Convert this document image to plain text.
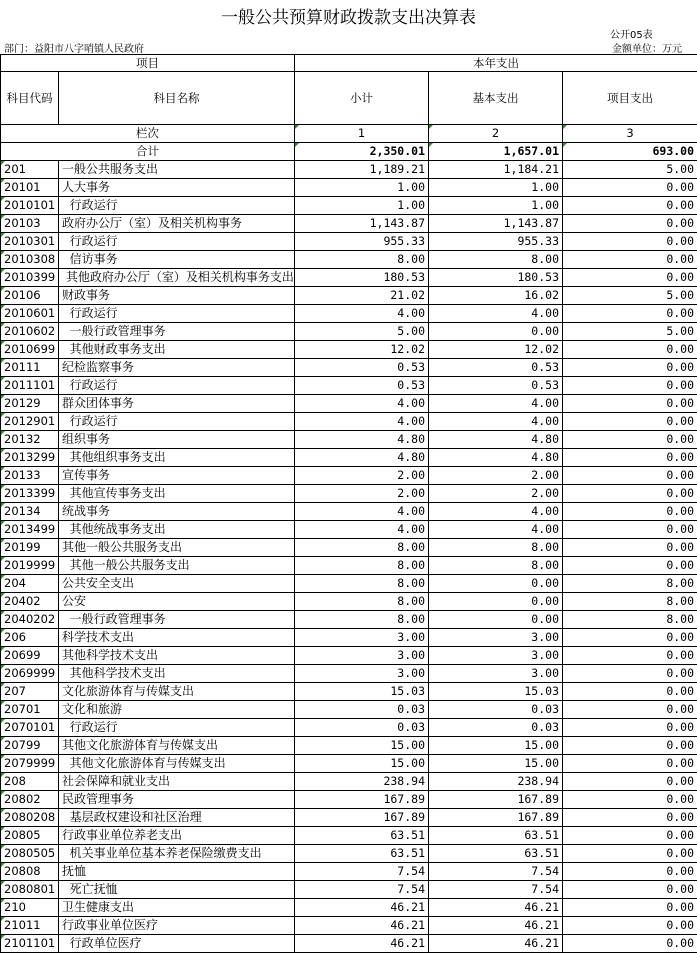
一般公共预算财政拨款支出决算表
公开05表
部门：益阳市八字哨镇人民政府	金额单位：万元
项目		本年支出		
科目代码	科目名称	小计	基本支出	项目支出
栏次		1	2	3
合计		2,350.01	1,657.01	693.00
201	一般公共服务支出	1,189.21	1,184.21	5.00
20101	人大事务	1.00	1.00	0.00
2010101	行政运行	1.00	1.00	0.00
20103	政府办公厅（室）及相关机构事务	1,143.87	1,143.87	0.00
2010301	行政运行	955.33	955.33	0.00
2010308	信访事务	8.00	8.00	0.00
2010399	其他政府办公厅（室）及相关机构事务支出	180.53	180.53	0.00
20106	财政事务	21.02	16.02	5.00
2010601	行政运行	4.00	4.00	0.00
2010602	一般行政管理事务	5.00	0.00	5.00
2010699	其他财政事务支出	12.02	12.02	0.00
20111	纪检监察事务	0.53	0.53	0.00
2011101	行政运行	0.53	0.53	0.00
20129	群众团体事务	4.00	4.00	0.00
2012901	行政运行	4.00	4.00	0.00
20132	组织事务	4.80	4.80	0.00
2013299	其他组织事务支出	4.80	4.80	0.00
20133	宣传事务	2.00	2.00	0.00
2013399	其他宣传事务支出	2.00	2.00	0.00
20134	统战事务	4.00	4.00	0.00
2013499	其他统战事务支出	4.00	4.00	0.00
20199	其他一般公共服务支出	8.00	8.00	0.00
2019999	其他一般公共服务支出	8.00	8.00	0.00
204	公共安全支出	8.00	0.00	8.00
20402	公安	8.00	0.00	8.00
2040202	一般行政管理事务	8.00	0.00	8.00
206	科学技术支出	3.00	3.00	0.00
20699	其他科学技术支出	3.00	3.00	0.00
2069999	其他科学技术支出	3.00	3.00	0.00
207	文化旅游体育与传媒支出	15.03	15.03	0.00
20701	文化和旅游	0.03	0.03	0.00
2070101	行政运行	0.03	0.03	0.00
20799	其他文化旅游体育与传媒支出	15.00	15.00	0.00
2079999	其他文化旅游体育与传媒支出	15.00	15.00	0.00
208	社会保障和就业支出	238.94	238.94	0.00
20802	民政管理事务	167.89	167.89	0.00
2080208	基层政权建设和社区治理	167.89	167.89	0.00
20805	行政事业单位养老支出	63.51	63.51	0.00
2080505	机关事业单位基本养老保险缴费支出	63.51	63.51	0.00
20808	抚恤	7.54	7.54	0.00
2080801	死亡抚恤	7.54	7.54	0.00
210	卫生健康支出	46.21	46.21	0.00
21011	行政事业单位医疗	46.21	46.21	0.00
2101101	行政单位医疗	46.21	46.21	0.00
